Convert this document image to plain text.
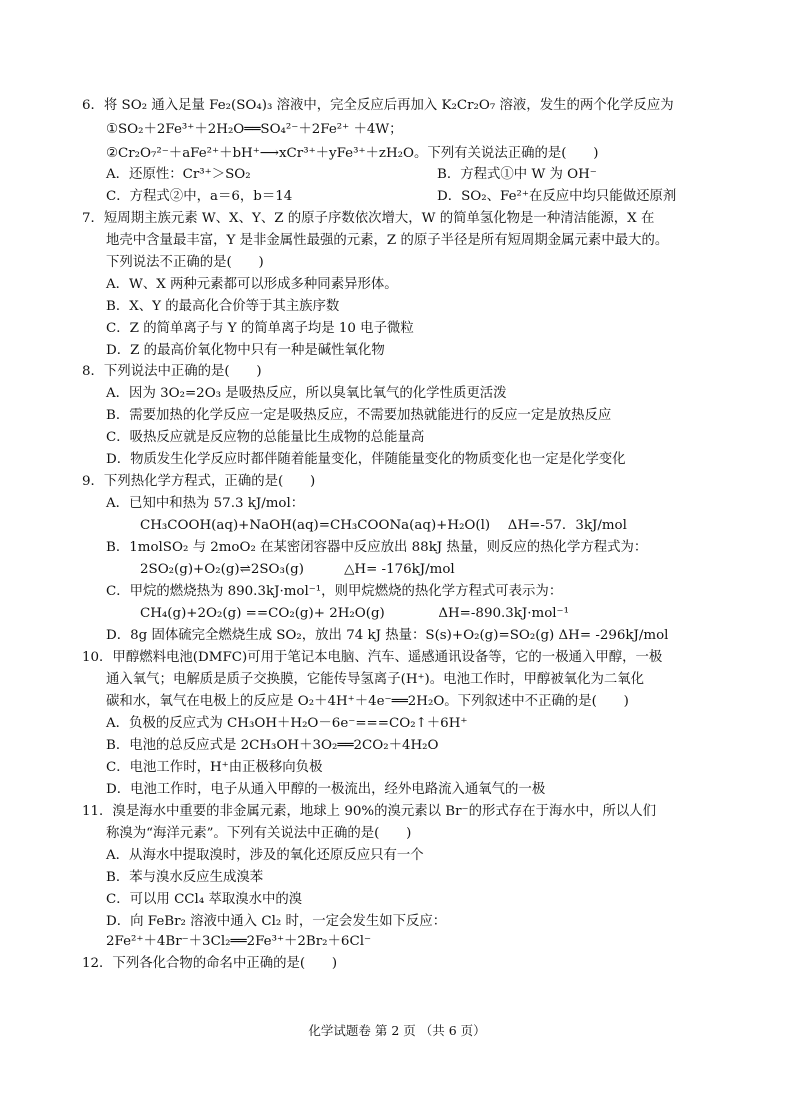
6．将 SO₂ 通入足量 Fe₂(SO₄)₃ 溶液中，完全反应后再加入 K₂Cr₂O₇ 溶液，发生的两个化学反应为
①SO₂＋2Fe³⁺＋2H₂O══SO₄²⁻＋2Fe²⁺ ＋4W；
②Cr₂O₇²⁻＋aFe²⁺＋bH⁺⟶xCr³⁺＋yFe³⁺＋zH₂O。下列有关说法正确的是(　　)
A．还原性：Cr³⁺＞SO₂	B．方程式①中 W 为 OH⁻
C．方程式②中，a＝6，b＝14	D．SO₂、Fe²⁺在反应中均只能做还原剂
7．短周期主族元素 W、X、Y、Z 的原子序数依次增大，W 的简单氢化物是一种清洁能源，X 在
地壳中含量最丰富，Y 是非金属性最强的元素，Z 的原子半径是所有短周期金属元素中最大的。
下列说法不正确的是(　　)
A．W、X 两种元素都可以形成多种同素异形体。
B．X、Y 的最高化合价等于其主族序数
C．Z 的简单离子与 Y 的简单离子均是 10 电子微粒
D．Z 的最高价氧化物中只有一种是碱性氧化物
8．下列说法中正确的是(　　)
A．因为 3O₂=2O₃ 是吸热反应，所以臭氧比氧气的化学性质更活泼
B．需要加热的化学反应一定是吸热反应，不需要加热就能进行的反应一定是放热反应
C．吸热反应就是反应物的总能量比生成物的总能量高
D．物质发生化学反应时都伴随着能量变化，伴随能量变化的物质变化也一定是化学变化
9．下列热化学方程式，正确的是(　　)
A．已知中和热为 57.3 kJ/mol：
CH₃COOH(aq)+NaOH(aq)=CH₃COONa(aq)+H₂O(l)　 ΔH=-57．3kJ/mol
B．1molSO₂ 与 2moO₂ 在某密闭容器中反应放出 88kJ 热量，则反应的热化学方程式为：
2SO₂(g)+O₂(g)⇌2SO₃(g)　　　△H= -176kJ/mol
C．甲烷的燃烧热为 890.3kJ·mol⁻¹，则甲烷燃烧的热化学方程式可表示为：
CH₄(g)+2O₂(g) ==CO₂(g)+ 2H₂O(g)　　　　ΔH=-890.3kJ·mol⁻¹
D．8g 固体硫完全燃烧生成 SO₂，放出 74 kJ 热量：S(s)+O₂(g)=SO₂(g) ΔH= -296kJ/mol
10．甲醇燃料电池(DMFC)可用于笔记本电脑、汽车、遥感通讯设备等，它的一极通入甲醇，一极
通入氧气；电解质是质子交换膜，它能传导氢离子(H⁺)。电池工作时，甲醇被氧化为二氧化
碳和水，氧气在电极上的反应是 O₂＋4H⁺＋4e⁻══2H₂O。下列叙述中不正确的是(　　)
A．负极的反应式为 CH₃OH＋H₂O－6e⁻===CO₂↑＋6H⁺
B．电池的总反应式是 2CH₃OH＋3O₂══2CO₂＋4H₂O
C．电池工作时，H⁺由正极移向负极
D．电池工作时，电子从通入甲醇的一极流出，经外电路流入通氧气的一极
11．溴是海水中重要的非金属元素，地球上 90%的溴元素以 Br⁻的形式存在于海水中，所以人们
称溴为“海洋元素”。下列有关说法中正确的是(　　)
A．从海水中提取溴时，涉及的氧化还原反应只有一个
B．苯与溴水反应生成溴苯
C．可以用 CCl₄ 萃取溴水中的溴
D．向 FeBr₂ 溶液中通入 Cl₂ 时，一定会发生如下反应：
2Fe²⁺＋4Br⁻＋3Cl₂══2Fe³⁺＋2Br₂＋6Cl⁻
12．下列各化合物的命名中正确的是(　　)
化学试题卷 第 2 页 （共 6 页）
